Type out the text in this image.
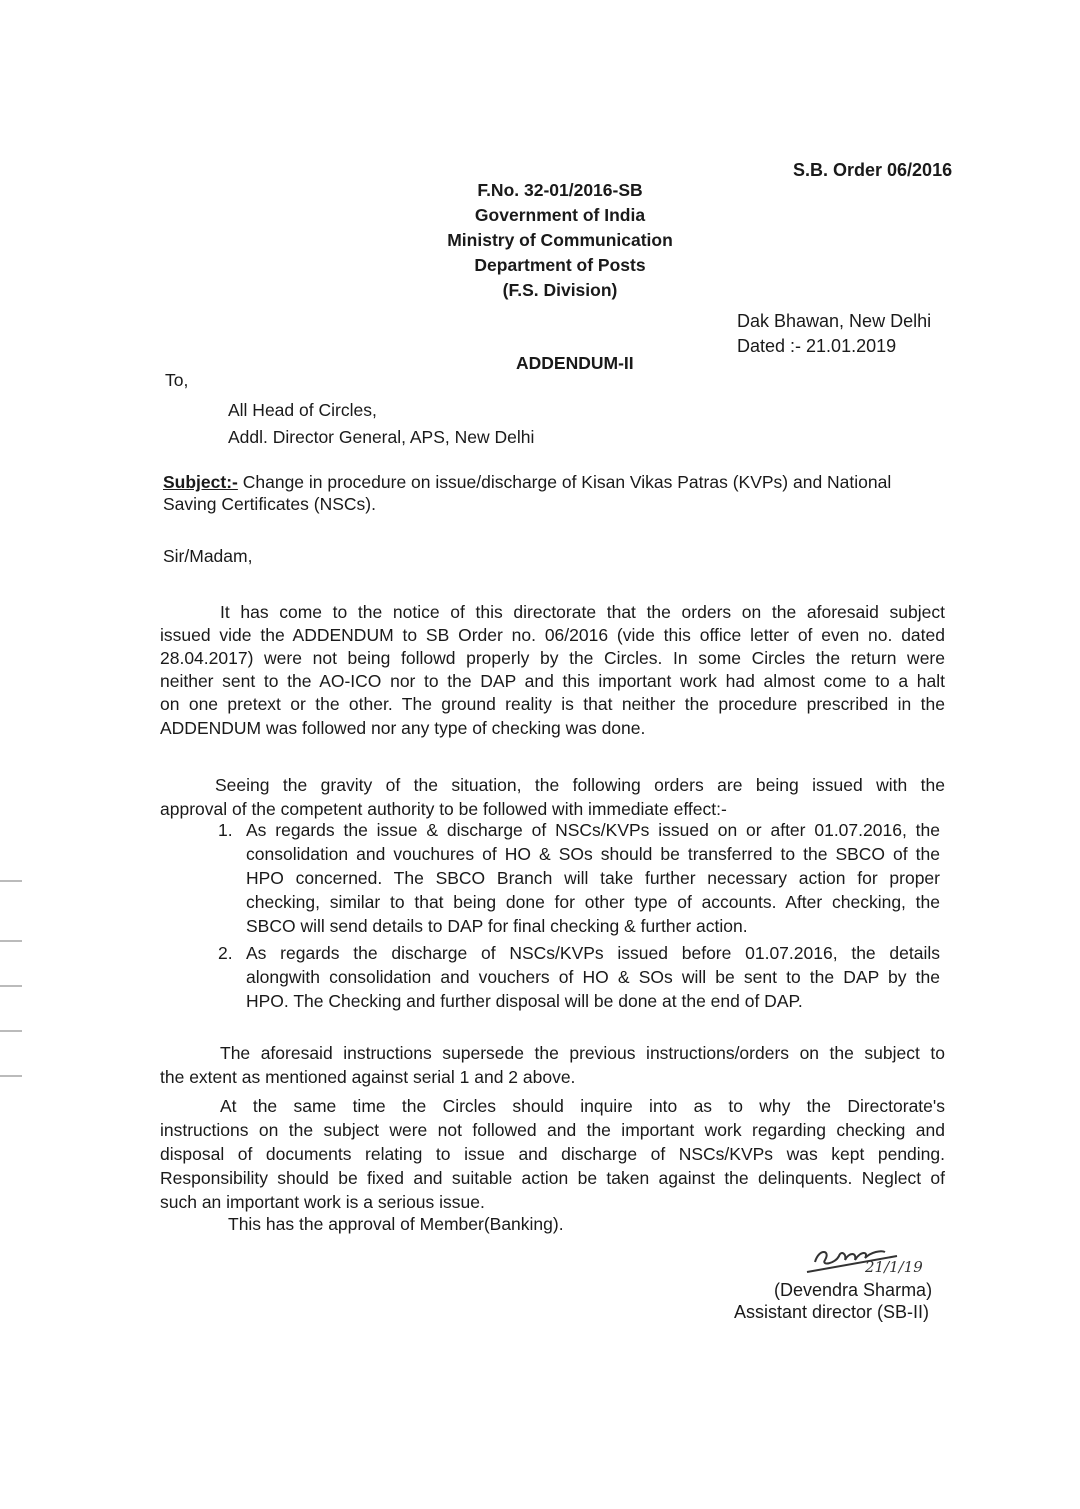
S.B. Order 06/2016
F.No. 32-01/2016-SB
Government of India
Ministry of Communication
Department of Posts
(F.S. Division)
Dak Bhawan, New Delhi
Dated :- 21.01.2019
ADDENDUM-II
To,
All Head of Circles,
Addl. Director General, APS, New Delhi
Subject:- Change in procedure on issue/discharge of Kisan Vikas Patras (KVPs) and National
Saving Certificates (NSCs).
Sir/Madam,
It has come to the notice of this directorate that the orders on the aforesaid subject
issued vide the ADDENDUM to SB Order no. 06/2016 (vide this office letter of even no. dated
28.04.2017) were not being followd properly by the Circles. In some Circles the return were
neither sent to the AO-ICO nor to the DAP and this important work had almost come to a halt
on one pretext or the other. The ground reality is that neither the procedure prescribed in the
ADDENDUM was followed nor any type of checking was done.
Seeing the gravity of the situation, the following orders are being issued with the
approval of the competent authority to be followed with immediate effect:-
1. As regards the issue & discharge of NSCs/KVPs issued on or after 01.07.2016, the
consolidation and vouchures of HO & SOs should be transferred to the SBCO of the
HPO concerned. The SBCO Branch will take further necessary action for proper
checking, similar to that being done for other type of accounts. After checking, the
SBCO will send details to DAP for final checking & further action.
2. As regards the discharge of NSCs/KVPs issued before 01.07.2016, the details
alongwith consolidation and vouchers of HO & SOs will be sent to the DAP by the
HPO. The Checking and further disposal will be done at the end of DAP.
The aforesaid instructions supersede the previous instructions/orders on the subject to
the extent as mentioned against serial 1 and 2 above.
At the same time the Circles should inquire into as to why the Directorate's
instructions on the subject were not followed and the important work regarding checking and
disposal of documents relating to issue and discharge of NSCs/KVPs was kept pending.
Responsibility should be fixed and suitable action be taken against the delinquents. Neglect of
such an important work is a serious issue.
This has the approval of Member(Banking).
21/1/19
(Devendra Sharma)
Assistant director (SB-II)
